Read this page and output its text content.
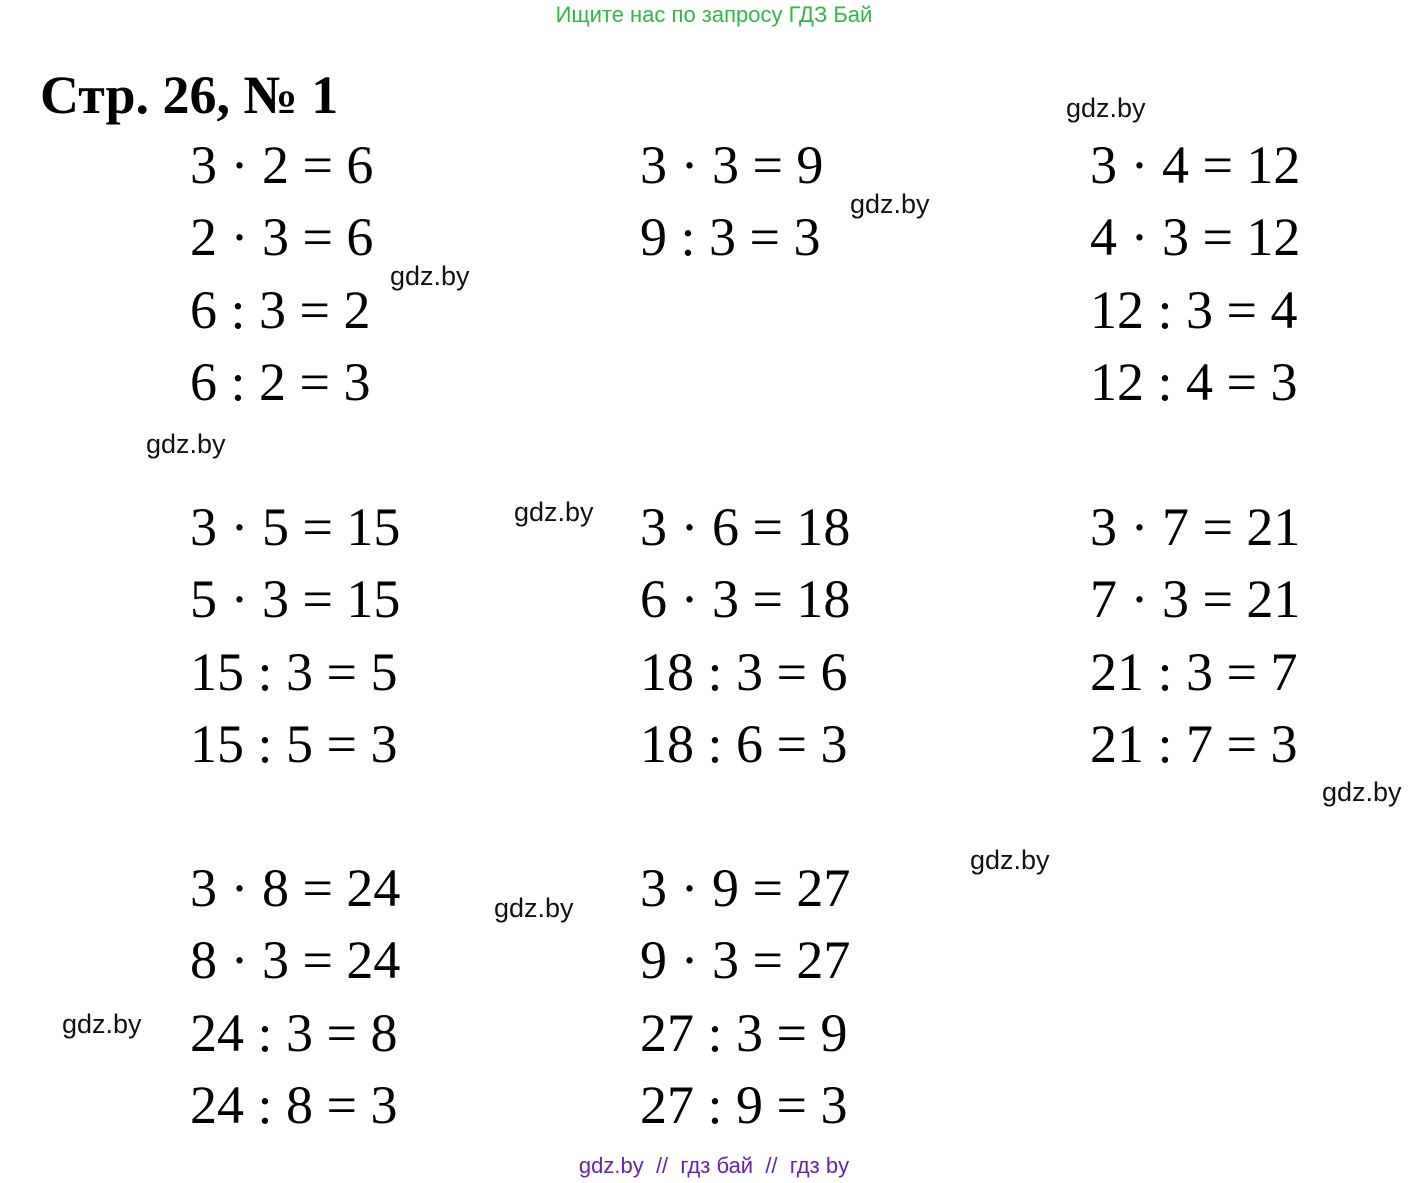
Ищите нас по запросу ГДЗ Бай
Стр. 26, № 1
3 · 2 = 6
2 · 3 = 6
6 : 3 = 2
6 : 2 = 3
3 · 3 = 9
9 : 3 = 3
3 · 4 = 12
4 · 3 = 12
12 : 3 = 4
12 : 4 = 3
3 · 5 = 15
5 · 3 = 15
15 : 3 = 5
15 : 5 = 3
3 · 6 = 18
6 · 3 = 18
18 : 3 = 6
18 : 6 = 3
3 · 7 = 21
7 · 3 = 21
21 : 3 = 7
21 : 7 = 3
3 · 8 = 24
8 · 3 = 24
24 : 3 = 8
24 : 8 = 3
3 · 9 = 27
9 · 3 = 27
27 : 3 = 9
27 : 9 = 3
gdz.by
gdz.by
gdz.by
gdz.by
gdz.by
gdz.by
gdz.by
gdz.by
gdz.by
gdz.by  //  гдз бай  //  гдз by
